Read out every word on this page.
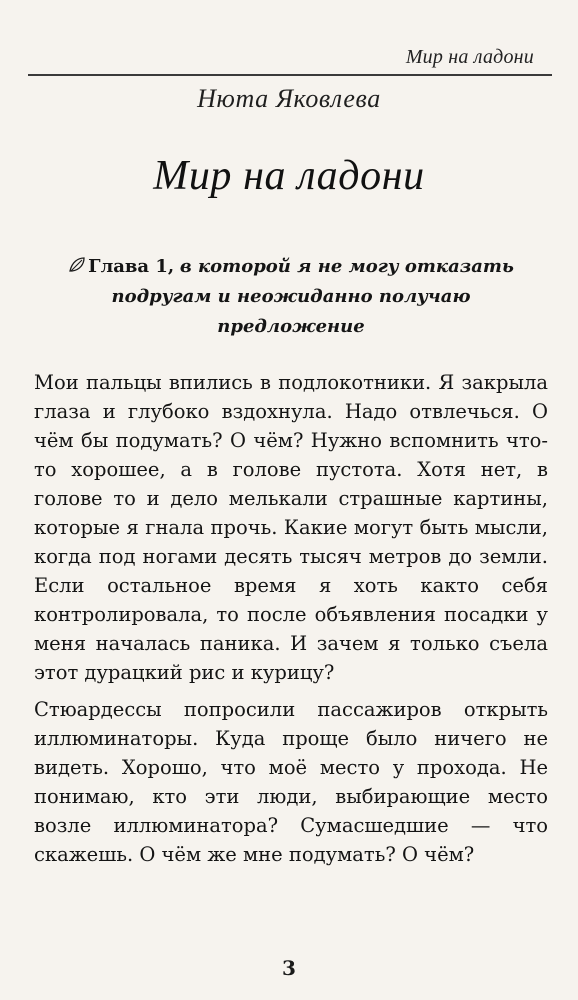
Мир на ладони
Нюта Яковлева
Мир на ладони
Глава 1, в которой я не могу отказать подругам и неожиданно получаю предложение

Мои пальцы впились в подлокотники. Я закрыла глаза и глубоко вздохнула. Надо отвлечься. О чём бы подумать? О чём? Нужно вспомнить что-то хорошее, а в голове пустота. Хотя нет, в голове то и дело мелькали страшные картины, которые я гнала прочь. Какие могут быть мысли, когда под ногами десять тысяч метров до земли. Если остальное время я хоть както себя контролировала, то после объявления посадки у меня началась паника. И зачем я только съела этот дурацкий рис и курицу?

Стюардессы попросили пассажиров открыть иллюминаторы. Куда проще было ничего не видеть. Хорошо, что моё место у прохода. Не понимаю, кто эти люди, выбирающие место возле иллюминатора? Сумасшедшие — что скажешь. О чём же мне подумать? О чём?

3
